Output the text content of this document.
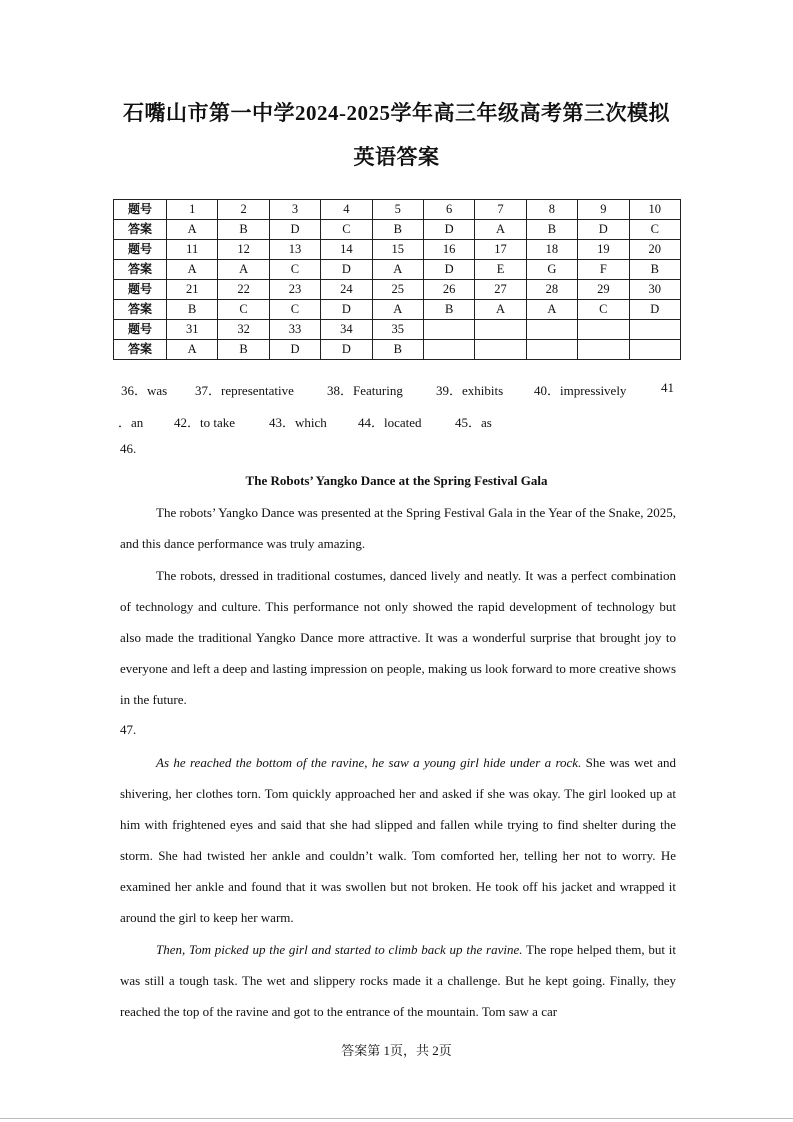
石嘴山市第一中学2024-2025学年高三年级高考第三次模拟
英语答案
题号	1	2	3	4	5	6	7	8	9	10
答案	A	B	D	C	B	D	A	B	D	C
题号	11	12	13	14	15	16	17	18	19	20
答案	A	A	C	D	A	D	E	G	F	B
题号	21	22	23	24	25	26	27	28	29	30
答案	B	C	C	D	A	B	A	A	C	D
题号	31	32	33	34	35					
答案	A	B	D	D	B					
36．was 37．representative	38．Featuring	39．exhibits 40．impressively	41
．an 42．to take	43．which 44．located	45．as
46.
The Robots’ Yangko Dance at the Spring Festival Gala
The robots’ Yangko Dance was presented at the Spring Festival Gala in the Year of the Snake, 2025, and this dance performance was truly amazing.
The robots, dressed in traditional costumes, danced lively and neatly. It was a perfect combination of technology and culture. This performance not only showed the rapid development of technology but also made the traditional Yangko Dance more attractive. It was a wonderful surprise that brought joy to everyone and left a deep and lasting impression on people, making us look forward to more creative shows in the future.
47.
As he reached the bottom of the ravine, he saw a young girl hide under a rock. She was wet and shivering, her clothes torn. Tom quickly approached her and asked if she was okay. The girl looked up at him with frightened eyes and said that she had slipped and fallen while trying to find shelter during the storm. She had twisted her ankle and couldn’t walk. Tom comforted her, telling her not to worry. He examined her ankle and found that it was swollen but not broken. He took off his jacket and wrapped it around the girl to keep her warm.
Then, Tom picked up the girl and started to climb back up the ravine. The rope helped them, but it was still a tough task. The wet and slippery rocks made it a challenge. But he kept going. Finally, they reached the top of the ravine and got to the entrance of the mountain. Tom saw a car
答案第 1页，共 2页
